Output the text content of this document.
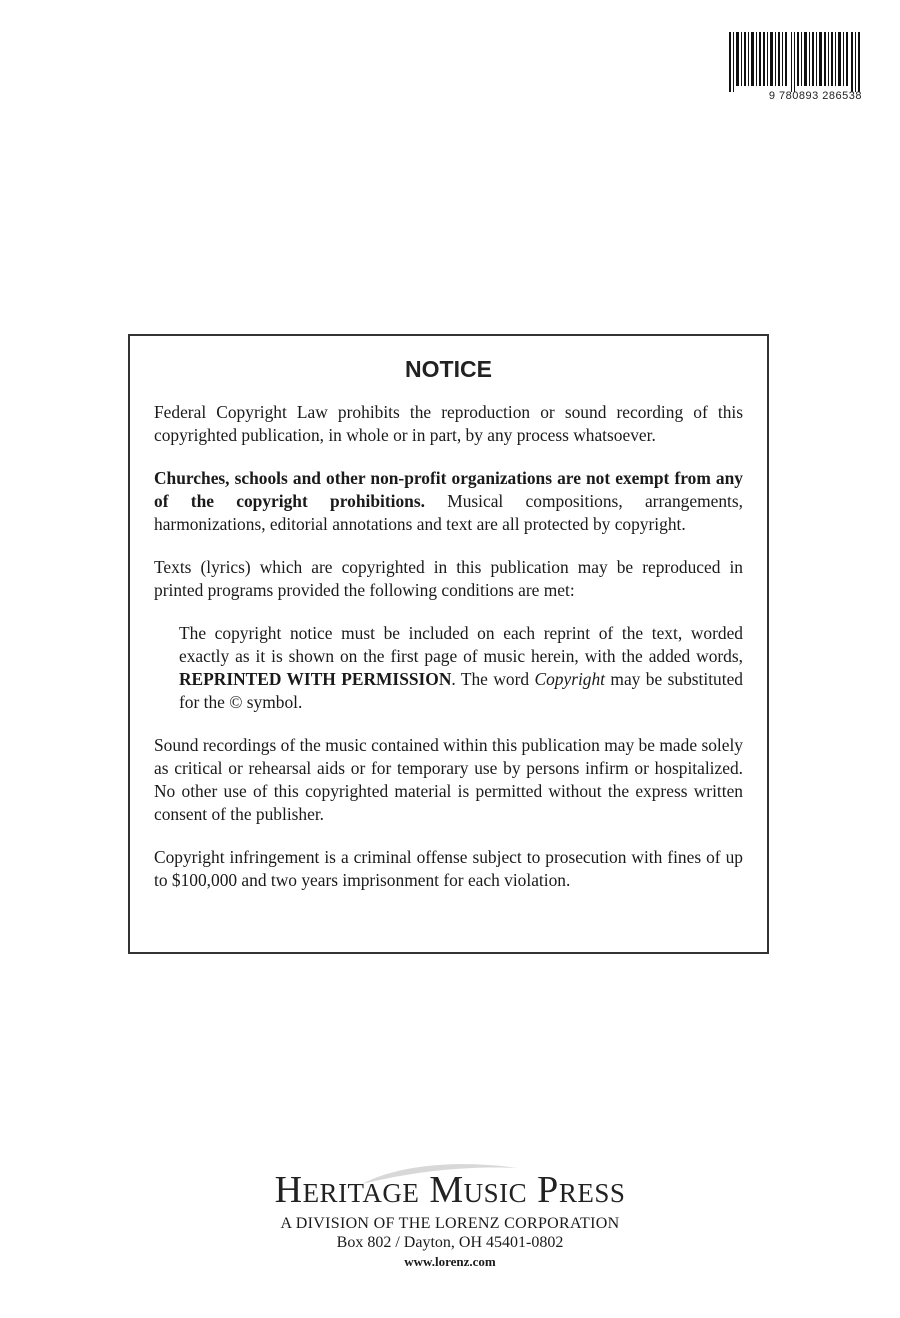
9 780893 286538
NOTICE

Federal Copyright Law prohibits the reproduction or sound recording of this copyrighted publication, in whole or in part, by any process whatsoever.

Churches, schools and other non-profit organizations are not exempt from any of the copyright prohibitions. Musical compositions, arrangements, harmonizations, editorial annotations and text are all protected by copyright.

Texts (lyrics) which are copyrighted in this publication may be reproduced in printed programs provided the following conditions are met:

The copyright notice must be included on each reprint of the text, worded exactly as it is shown on the first page of music herein, with the added words, REPRINTED WITH PERMISSION. The word Copyright may be substituted for the © symbol.

Sound recordings of the music contained within this publication may be made solely as critical or rehearsal aids or for temporary use by persons infirm or hospitalized. No other use of this copyrighted material is permitted without the express written consent of the publisher.

Copyright infringement is a criminal offense subject to prosecution with fines of up to $100,000 and two years imprisonment for each violation.

Heritage Music Press
A DIVISION OF THE LORENZ CORPORATION
Box 802 / Dayton, OH 45401-0802
www.lorenz.com
